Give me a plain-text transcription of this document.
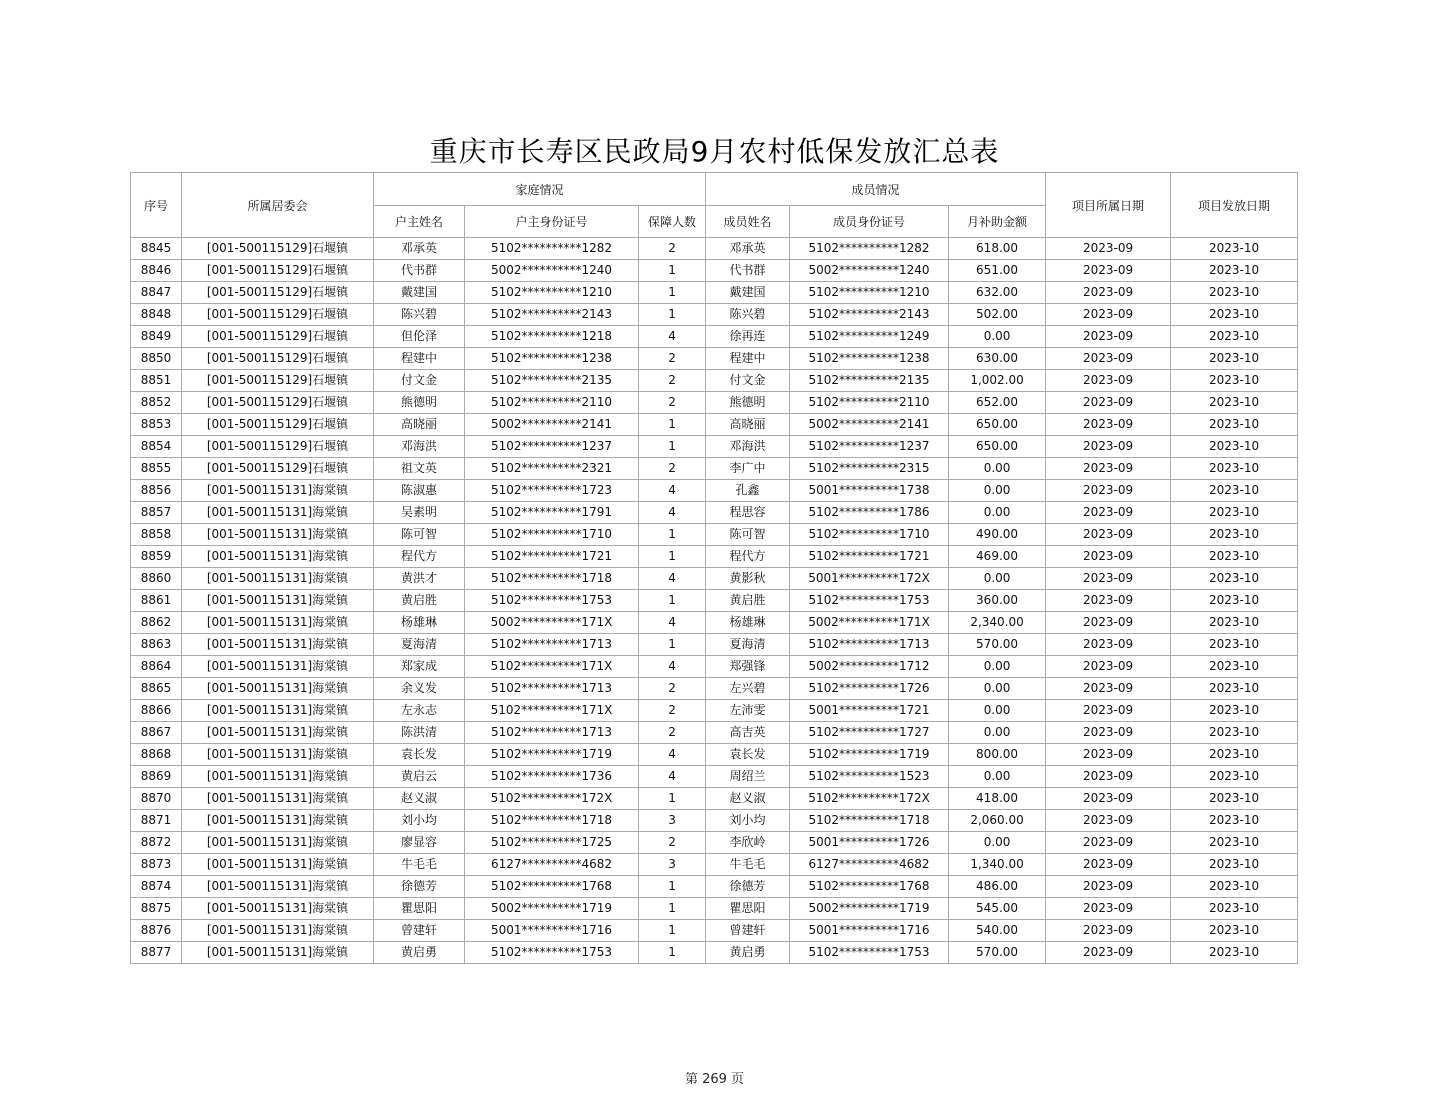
重庆市长寿区民政局9月农村低保发放汇总表
序号	所属居委会	家庭情况			成员情况			项目所属日期	项目发放日期
		户主姓名	户主身份证号	保障人数	成员姓名	成员身份证号	月补助金额		
8845	[001-500115129]石堰镇	邓承英	5102**********1282	2	邓承英	5102**********1282	618.00	2023-09	2023-10
8846	[001-500115129]石堰镇	代书群	5002**********1240	1	代书群	5002**********1240	651.00	2023-09	2023-10
8847	[001-500115129]石堰镇	戴建国	5102**********1210	1	戴建国	5102**********1210	632.00	2023-09	2023-10
8848	[001-500115129]石堰镇	陈兴碧	5102**********2143	1	陈兴碧	5102**********2143	502.00	2023-09	2023-10
8849	[001-500115129]石堰镇	但伦泽	5102**********1218	4	徐再连	5102**********1249	0.00	2023-09	2023-10
8850	[001-500115129]石堰镇	程建中	5102**********1238	2	程建中	5102**********1238	630.00	2023-09	2023-10
8851	[001-500115129]石堰镇	付文金	5102**********2135	2	付文金	5102**********2135	1,002.00	2023-09	2023-10
8852	[001-500115129]石堰镇	熊德明	5102**********2110	2	熊德明	5102**********2110	652.00	2023-09	2023-10
8853	[001-500115129]石堰镇	高晓丽	5002**********2141	1	高晓丽	5002**********2141	650.00	2023-09	2023-10
8854	[001-500115129]石堰镇	邓海洪	5102**********1237	1	邓海洪	5102**********1237	650.00	2023-09	2023-10
8855	[001-500115129]石堰镇	祖文英	5102**********2321	2	李广中	5102**********2315	0.00	2023-09	2023-10
8856	[001-500115131]海棠镇	陈淑惠	5102**********1723	4	孔鑫	5001**********1738	0.00	2023-09	2023-10
8857	[001-500115131]海棠镇	吴素明	5102**********1791	4	程思容	5102**********1786	0.00	2023-09	2023-10
8858	[001-500115131]海棠镇	陈可智	5102**********1710	1	陈可智	5102**********1710	490.00	2023-09	2023-10
8859	[001-500115131]海棠镇	程代方	5102**********1721	1	程代方	5102**********1721	469.00	2023-09	2023-10
8860	[001-500115131]海棠镇	黄洪才	5102**********1718	4	黄影秋	5001**********172X	0.00	2023-09	2023-10
8861	[001-500115131]海棠镇	黄启胜	5102**********1753	1	黄启胜	5102**********1753	360.00	2023-09	2023-10
8862	[001-500115131]海棠镇	杨雄琳	5002**********171X	4	杨雄琳	5002**********171X	2,340.00	2023-09	2023-10
8863	[001-500115131]海棠镇	夏海清	5102**********1713	1	夏海清	5102**********1713	570.00	2023-09	2023-10
8864	[001-500115131]海棠镇	郑家成	5102**********171X	4	郑强锋	5002**********1712	0.00	2023-09	2023-10
8865	[001-500115131]海棠镇	余义发	5102**********1713	2	左兴碧	5102**********1726	0.00	2023-09	2023-10
8866	[001-500115131]海棠镇	左永志	5102**********171X	2	左沛雯	5001**********1721	0.00	2023-09	2023-10
8867	[001-500115131]海棠镇	陈洪清	5102**********1713	2	高吉英	5102**********1727	0.00	2023-09	2023-10
8868	[001-500115131]海棠镇	袁长发	5102**********1719	4	袁长发	5102**********1719	800.00	2023-09	2023-10
8869	[001-500115131]海棠镇	黄启云	5102**********1736	4	周绍兰	5102**********1523	0.00	2023-09	2023-10
8870	[001-500115131]海棠镇	赵义淑	5102**********172X	1	赵义淑	5102**********172X	418.00	2023-09	2023-10
8871	[001-500115131]海棠镇	刘小均	5102**********1718	3	刘小均	5102**********1718	2,060.00	2023-09	2023-10
8872	[001-500115131]海棠镇	廖显容	5102**********1725	2	李欣岭	5001**********1726	0.00	2023-09	2023-10
8873	[001-500115131]海棠镇	牛毛毛	6127**********4682	3	牛毛毛	6127**********4682	1,340.00	2023-09	2023-10
8874	[001-500115131]海棠镇	徐德芳	5102**********1768	1	徐德芳	5102**********1768	486.00	2023-09	2023-10
8875	[001-500115131]海棠镇	瞿思阳	5002**********1719	1	瞿思阳	5002**********1719	545.00	2023-09	2023-10
8876	[001-500115131]海棠镇	曾建轩	5001**********1716	1	曾建轩	5001**********1716	540.00	2023-09	2023-10
8877	[001-500115131]海棠镇	黄启勇	5102**********1753	1	黄启勇	5102**********1753	570.00	2023-09	2023-10
第 269 页
